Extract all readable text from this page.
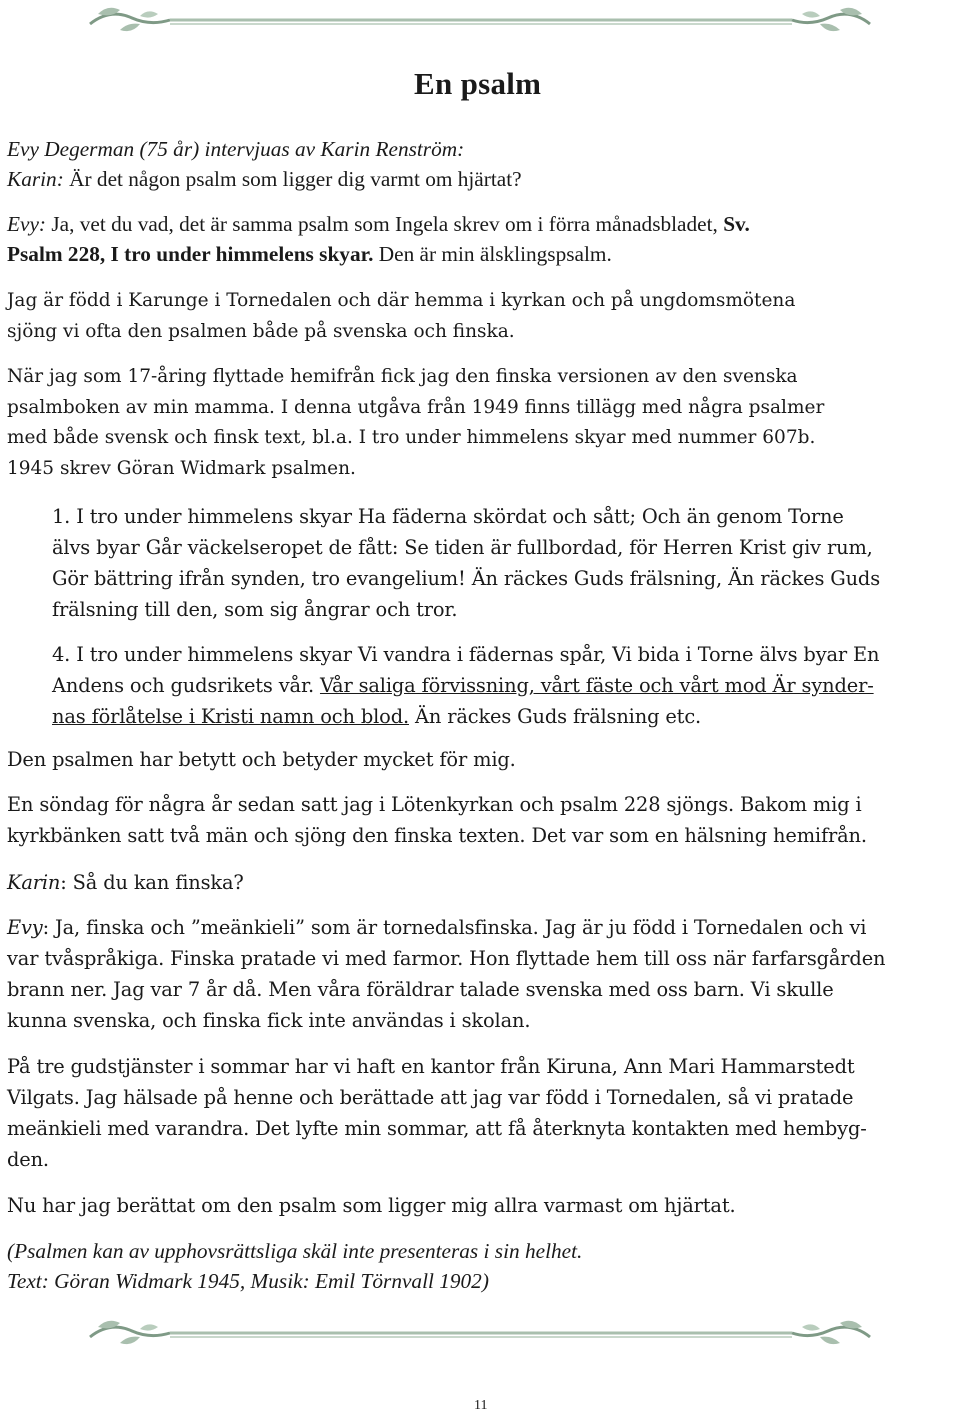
En psalm

Evy Degerman (75 år) intervjuas av Karin Renström:
Karin: Är det någon psalm som ligger dig varmt om hjärtat?

Evy: Ja, vet du vad, det är samma psalm som Ingela skrev om i förra månadsbladet, Sv.
Psalm 228, I tro under himmelens skyar. Den är min älsklingspsalm.

Jag är född i Karunge i Tornedalen och där hemma i kyrkan och på ungdomsmötena
sjöng vi ofta den psalmen både på svenska och finska.

När jag som 17-åring flyttade hemifrån fick jag den finska versionen av den svenska
psalmboken av min mamma. I denna utgåva från 1949 finns tillägg med några psalmer
med både svensk och finsk text, bl.a. I tro under himmelens skyar med nummer 607b.
1945 skrev Göran Widmark psalmen.

1. I tro under himmelens skyar Ha fäderna skördat och sått; Och än genom Torne
älvs byar Går väckelseropet de fått: Se tiden är fullbordad, för Herren Krist giv rum,
Gör bättring ifrån synden, tro evangelium! Än räckes Guds frälsning, Än räckes Guds
frälsning till den, som sig ångrar och tror.

4. I tro under himmelens skyar Vi vandra i fädernas spår, Vi bida i Torne älvs byar En
Andens och gudsrikets vår. Vår saliga förvissning, vårt fäste och vårt mod Är synder-
nas förlåtelse i Kristi namn och blod. Än räckes Guds frälsning etc.

Den psalmen har betytt och betyder mycket för mig.

En söndag för några år sedan satt jag i Lötenkyrkan och psalm 228 sjöngs. Bakom mig i
kyrkbänken satt två män och sjöng den finska texten. Det var som en hälsning hemifrån.

Karin: Så du kan finska?

Evy: Ja, finska och ”meänkieli” som är tornedalsfinska. Jag är ju född i Tornedalen och vi
var tvåspråkiga. Finska pratade vi med farmor. Hon flyttade hem till oss när farfarsgården
brann ner. Jag var 7 år då. Men våra föräldrar talade svenska med oss barn. Vi skulle
kunna svenska, och finska fick inte användas i skolan.

På tre gudstjänster i sommar har vi haft en kantor från Kiruna, Ann Mari Hammarstedt
Vilgats. Jag hälsade på henne och berättade att jag var född i Tornedalen, så vi pratade
meänkieli med varandra. Det lyfte min sommar, att få återknyta kontakten med hembyg-
den.

Nu har jag berättat om den psalm som ligger mig allra varmast om hjärtat.

(Psalmen kan av upphovsrättsliga skäl inte presenteras i sin helhet.
Text: Göran Widmark 1945, Musik: Emil Törnvall 1902)

11
